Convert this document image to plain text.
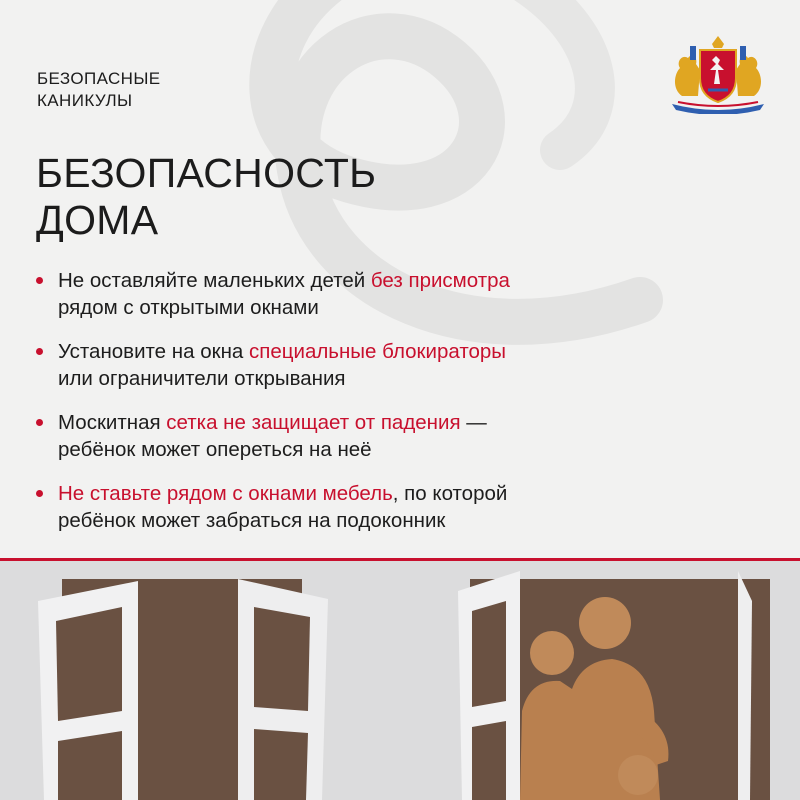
БЕЗОПАСНЫЕ
КАНИКУЛЫ

БЕЗОПАСНОСТЬ
ДОМА
Не оставляйте маленьких детей без присмотра
рядом с открытыми окнами
Установите на окна специальные блокираторы
или ограничители открывания
Москитная сетка не защищает от падения —
ребёнок может опереться на неё
Не ставьте рядом с окнами мебель, по которой
ребёнок может забраться на подоконник
